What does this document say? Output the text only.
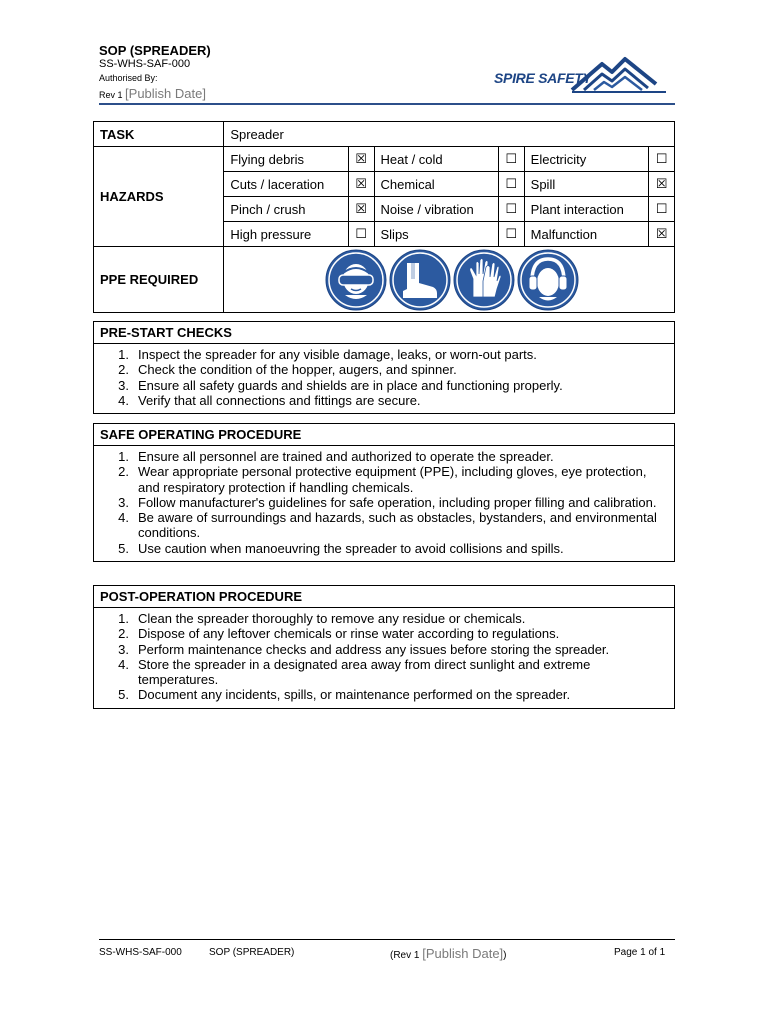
SOP (SPREADER)
SS-WHS-SAF-000
Authorised By:
Rev 1 [Publish Date]
SPIRE SAFETY
TASK	Spreader					
HAZARDS	Flying debris	☒	Heat / cold	☐	Electricity	☐
	Cuts / laceration	☒	Chemical	☐	Spill	☒
	Pinch / crush	☒	Noise / vibration	☐	Plant interaction	☐
	High pressure	☐	Slips	☐	Malfunction	☒
PPE REQUIRED	
PRE-START CHECKS
1. Inspect the spreader for any visible damage, leaks, or worn-out parts.
2. Check the condition of the hopper, augers, and spinner.
3. Ensure all safety guards and shields are in place and functioning properly.
4. Verify that all connections and fittings are secure.
SAFE OPERATING PROCEDURE
1. Ensure all personnel are trained and authorized to operate the spreader.
2. Wear appropriate personal protective equipment (PPE), including gloves, eye protection, and respiratory protection if handling chemicals.
3. Follow manufacturer's guidelines for safe operation, including proper filling and calibration.
4. Be aware of surroundings and hazards, such as obstacles, bystanders, and environmental conditions.
5. Use caution when manoeuvring the spreader to avoid collisions and spills.
POST-OPERATION PROCEDURE
1. Clean the spreader thoroughly to remove any residue or chemicals.
2. Dispose of any leftover chemicals or rinse water according to regulations.
3. Perform maintenance checks and address any issues before storing the spreader.
4. Store the spreader in a designated area away from direct sunlight and extreme temperatures.
5. Document any incidents, spills, or maintenance performed on the spreader.
SS-WHS-SAF-000	SOP (SPREADER)	(Rev 1 [Publish Date])	Page 1 of 1
